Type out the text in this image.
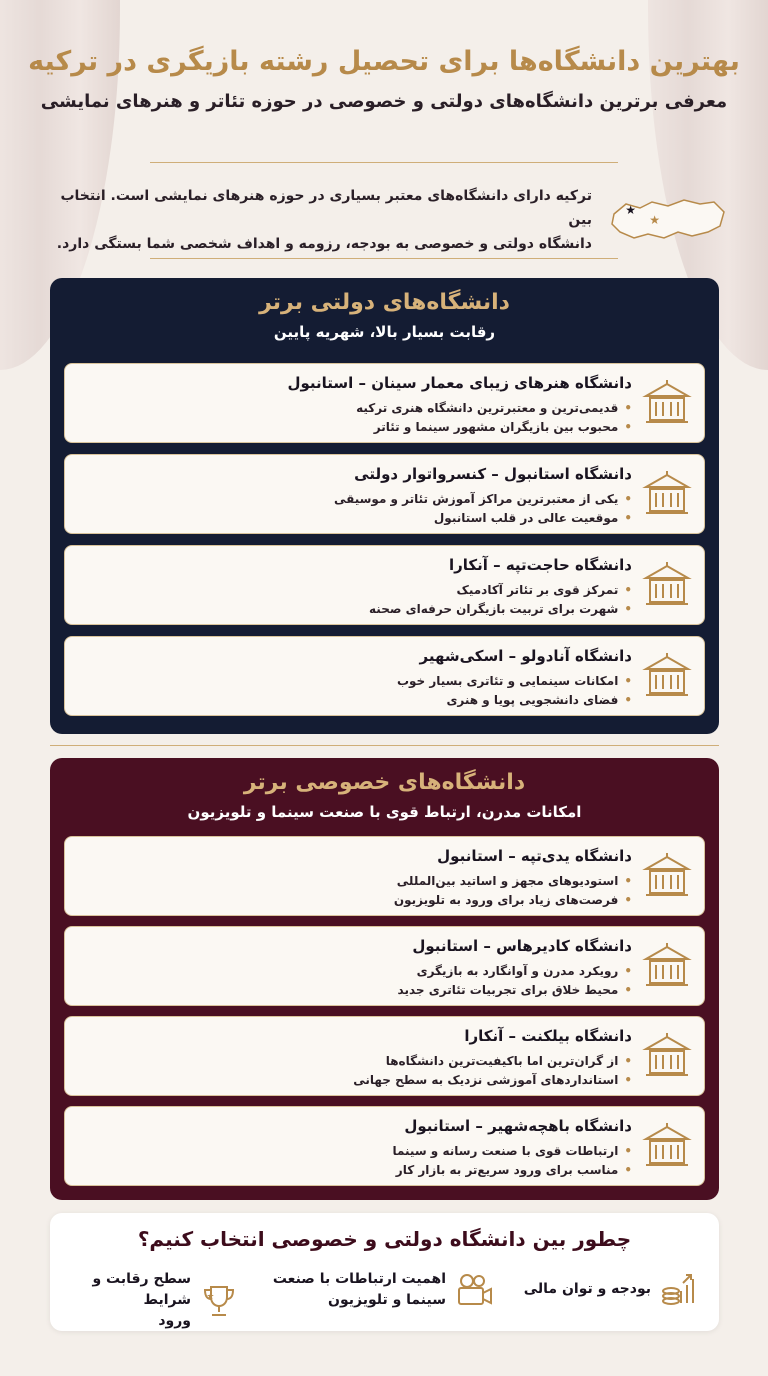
بهترین دانشگاه‌ها برای تحصیل رشته بازیگری در ترکیه
معرفی برترین دانشگاه‌های دولتی و خصوصی در حوزه تئاتر و هنرهای نمایشی
★
★
ترکیه دارای دانشگاه‌های معتبر بسیاری در حوزه هنرهای نمایشی است. انتخاب بین
دانشگاه دولتی و خصوصی به بودجه، رزومه و اهداف شخصی شما بستگی دارد.
دانشگاه‌های دولتی برتر
رقابت بسیار بالا، شهریه پایین
دانشگاه هنرهای زیبای معمار سینان – استانبول
• قدیمی‌ترین و معتبرترین دانشگاه هنری ترکیه
• محبوب بین بازیگران مشهور سینما و تئاتر
دانشگاه استانبول – کنسرواتوار دولتی
• یکی از معتبرترین مراکز آموزش تئاتر و موسیقی
• موقعیت عالی در قلب استانبول
دانشگاه حاجت‌تپه – آنکارا
• تمرکز قوی بر تئاتر آکادمیک
• شهرت برای تربیت بازیگران حرفه‌ای صحنه
دانشگاه آنادولو – اسکی‌شهیر
• امکانات سینمایی و تئاتری بسیار خوب
• فضای دانشجویی پویا و هنری
دانشگاه‌های خصوصی برتر
امکانات مدرن، ارتباط قوی با صنعت سینما و تلویزیون
دانشگاه یدی‌تپه – استانبول
• استودیوهای مجهز و اساتید بین‌المللی
• فرصت‌های زیاد برای ورود به تلویزیون
دانشگاه کادیرهاس – استانبول
• رویکرد مدرن و آوانگارد به بازیگری
• محیط خلاق برای تجربیات تئاتری جدید
دانشگاه بیلکنت – آنکارا
• از گران‌ترین اما باکیفیت‌ترین دانشگاه‌ها
• استانداردهای آموزشی نزدیک به سطح جهانی
دانشگاه باهچه‌شهیر – استانبول
• ارتباطات قوی با صنعت رسانه و سینما
• مناسب برای ورود سریع‌تر به بازار کار
چطور بین دانشگاه دولتی و خصوصی انتخاب کنیم؟
بودجه و توان مالی
اهمیت ارتباطات با صنعت
سینما و تلویزیون
★
سطح رقابت و شرایط
ورود
